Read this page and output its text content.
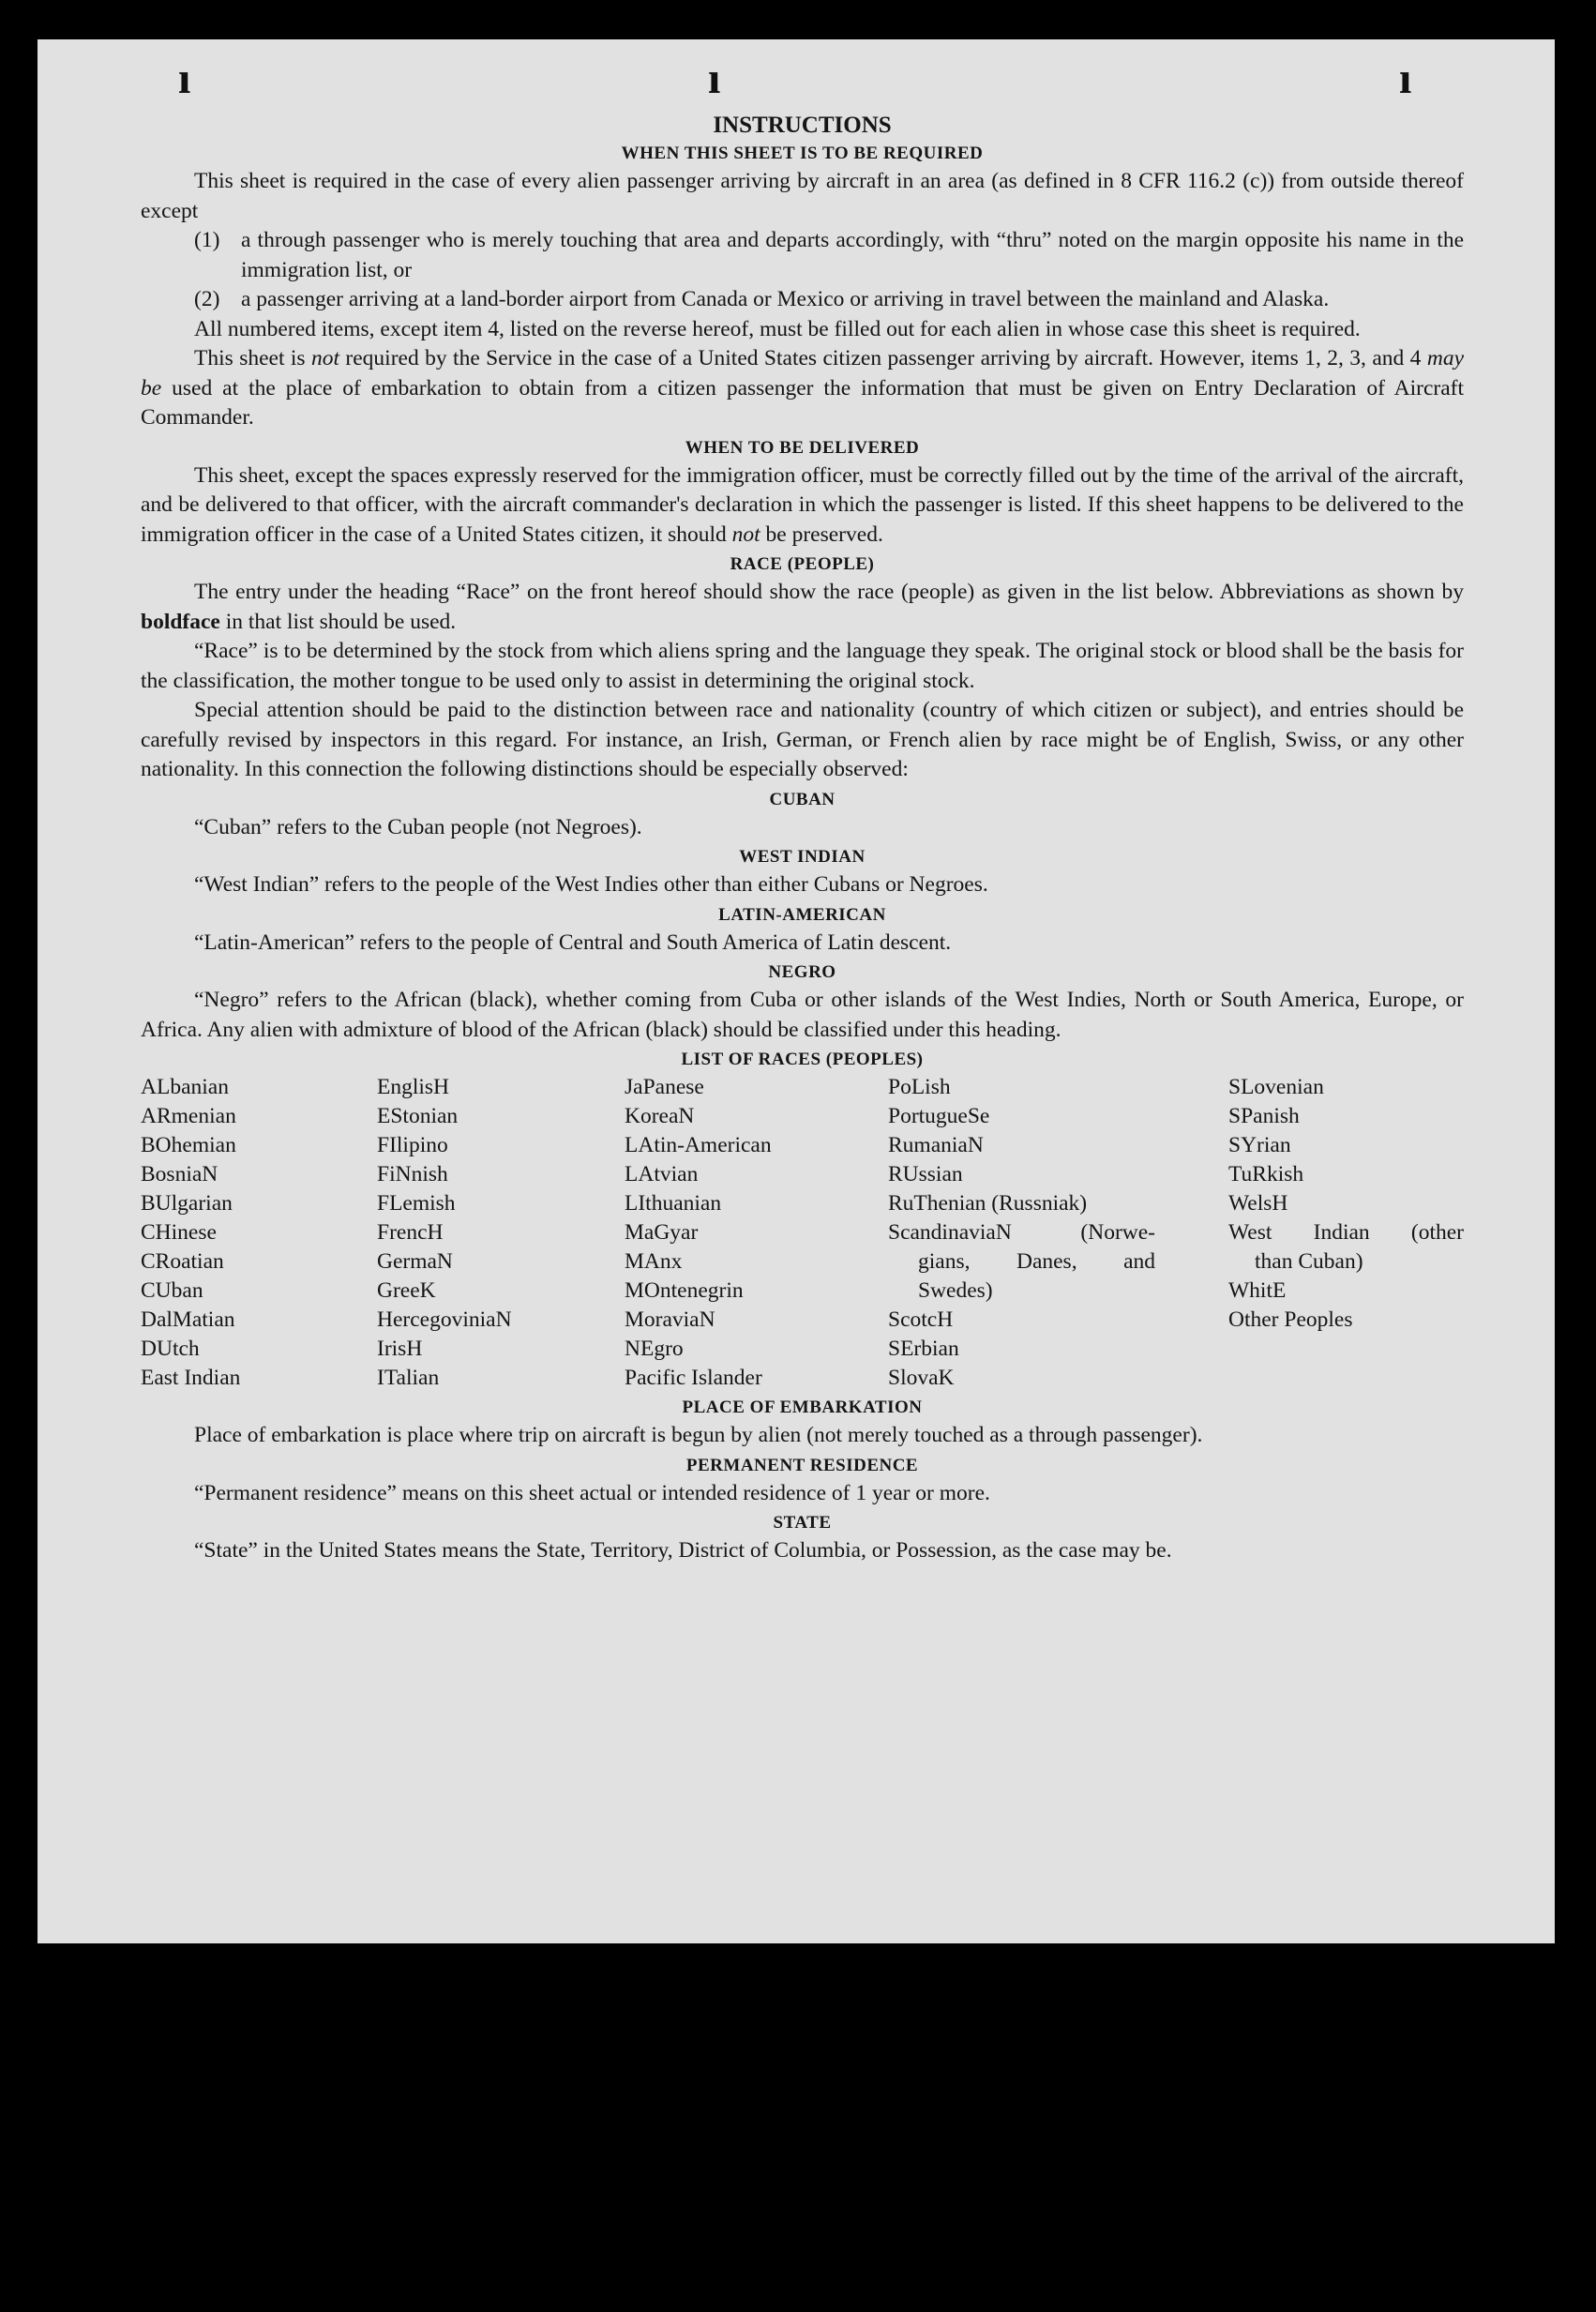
ı	ı	ı
INSTRUCTIONS
WHEN THIS SHEET IS TO BE REQUIRED

This sheet is required in the case of every alien passenger arriving by aircraft in an area (as defined in 8 CFR 116.2 (c)) from outside thereof except

(1) a through passenger who is merely touching that area and departs accordingly, with “thru” noted on the margin opposite his name in the immigration list, or
(2) a passenger arriving at a land-border airport from Canada or Mexico or arriving in travel between the mainland and Alaska.

All numbered items, except item 4, listed on the reverse hereof, must be filled out for each alien in whose case this sheet is required.

This sheet is not required by the Service in the case of a United States citizen passenger arriving by aircraft. However, items 1, 2, 3, and 4 may be used at the place of embarkation to obtain from a citizen passenger the information that must be given on Entry Declaration of Aircraft Commander.

WHEN TO BE DELIVERED

This sheet, except the spaces expressly reserved for the immigration officer, must be correctly filled out by the time of the arrival of the aircraft, and be delivered to that officer, with the aircraft commander's declaration in which the passenger is listed. If this sheet happens to be delivered to the immigration officer in the case of a United States citizen, it should not be preserved.

RACE (PEOPLE)

The entry under the heading “Race” on the front hereof should show the race (people) as given in the list below. Abbreviations as shown by boldface in that list should be used.

“Race” is to be determined by the stock from which aliens spring and the language they speak. The original stock or blood shall be the basis for the classification, the mother tongue to be used only to assist in determining the original stock.

Special attention should be paid to the distinction between race and nationality (country of which citizen or subject), and entries should be carefully revised by inspectors in this regard. For instance, an Irish, German, or French alien by race might be of English, Swiss, or any other nationality. In this connection the following distinctions should be especially observed:

CUBAN

“Cuban” refers to the Cuban people (not Negroes).

WEST INDIAN

“West Indian” refers to the people of the West Indies other than either Cubans or Negroes.

LATIN-AMERICAN

“Latin-American” refers to the people of Central and South America of Latin descent.

NEGRO

“Negro” refers to the African (black), whether coming from Cuba or other islands of the West Indies, North or South America, Europe, or Africa. Any alien with admixture of blood of the African (black) should be classified under this heading.

LIST OF RACES (PEOPLES)
ALbanian
ARmenian
BOhemian
BosniaN
BUlgarian
CHinese
CRoatian
CUban
DalMatian
DUtch
East Indian
EnglisH
EStonian
FIlipino
FiNnish
FLemish
FrencH
GermaN
GreeK
HercegoviniaN
IrisH
ITalian
JaPanese
KoreaN
LAtin-American
LAtvian
LIthuanian
MaGyar
MAnx
MOntenegrin
MoraviaN
NEgro
Pacific Islander
PoLish
PortugueSe
RumaniaN
RUssian
RuThenian (Russniak)
ScandinaviaN (Norwe-
gians, Danes, and
Swedes)
ScotcH
SErbian
SlovaK
SLovenian
SPanish
SYrian
TuRkish
WelsH
West Indian (other
than Cuban)
WhitE
Other Peoples
PLACE OF EMBARKATION

Place of embarkation is place where trip on aircraft is begun by alien (not merely touched as a through passenger).

PERMANENT RESIDENCE

“Permanent residence” means on this sheet actual or intended residence of 1 year or more.

STATE

“State” in the United States means the State, Territory, District of Columbia, or Possession, as the case may be.
